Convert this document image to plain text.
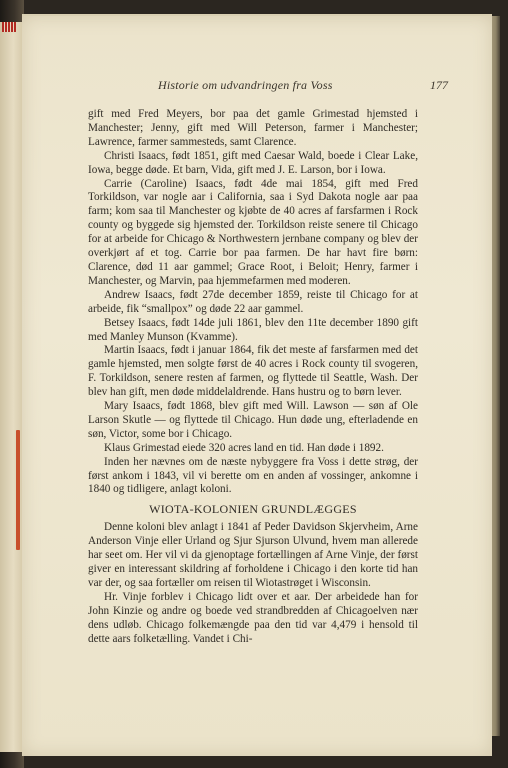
Historie om udvandringen fra Voss	177

gift med Fred Meyers, bor paa det gamle Grimestad hjemsted i Manchester; Jenny, gift med Will Peterson, farmer i Manchester; Lawrence, farmer sammesteds, samt Clarence.

Christi Isaacs, født 1851, gift med Caesar Wald, boede i Clear Lake, Iowa, begge døde. Et barn, Vida, gift med J. E. Larson, bor i Iowa.

Carrie (Caroline) Isaacs, født 4de mai 1854, gift med Fred Torkildson, var nogle aar i California, saa i Syd Dakota nogle aar paa farm; kom saa til Manchester og kjøbte de 40 acres af farsfarmen i Rock county og byggede sig hjemsted der. Torkildson reiste senere til Chicago for at arbeide for Chicago & Northwestern jernbane company og blev der overkjørt af et tog. Carrie bor paa farmen. De har havt fire børn: Clarence, død 11 aar gammel; Grace Root, i Beloit; Henry, farmer i Manchester, og Marvin, paa hjemmefarmen med moderen.

Andrew Isaacs, født 27de december 1859, reiste til Chicago for at arbeide, fik “smallpox” og døde 22 aar gammel.

Betsey Isaacs, født 14de juli 1861, blev den 11te december 1890 gift med Manley Munson (Kvamme).

Martin Isaacs, født i januar 1864, fik det meste af farsfarmen med det gamle hjemsted, men solgte først de 40 acres i Rock county til svogeren, F. Torkildson, senere resten af farmen, og flyttede til Seattle, Wash. Der blev han gift, men døde middelaldrende. Hans hustru og to børn lever.

Mary Isaacs, født 1868, blev gift med Will. Lawson — søn af Ole Larson Skutle — og flyttede til Chicago. Hun døde ung, efterladende en søn, Victor, some bor i Chicago.

Klaus Grimestad eiede 320 acres land en tid. Han døde i 1892.

Inden her nævnes om de næste nybyggere fra Voss i dette strøg, der først ankom i 1843, vil vi berette om en anden af vossinger, ankomne i 1840 og tidligere, anlagt koloni.

WIOTA-KOLONIEN GRUNDLÆGGES

Denne koloni blev anlagt i 1841 af Peder Davidson Skjervheim, Arne Anderson Vinje eller Urland og Sjur Sjurson Ulvund, hvem man allerede har seet om. Her vil vi da gjenoptage fortællingen af Arne Vinje, der først giver en interessant skildring af forholdene i Chicago i den korte tid han var der, og saa fortæller om reisen til Wiotastrøget i Wisconsin.

Hr. Vinje forblev i Chicago lidt over et aar. Der arbeidede han for John Kinzie og andre og boede ved strandbredden af Chicagoelven nær dens udløb. Chicago folkemængde paa den tid var 4,479 i hensold til dette aars folketælling. Vandet i Chi-
